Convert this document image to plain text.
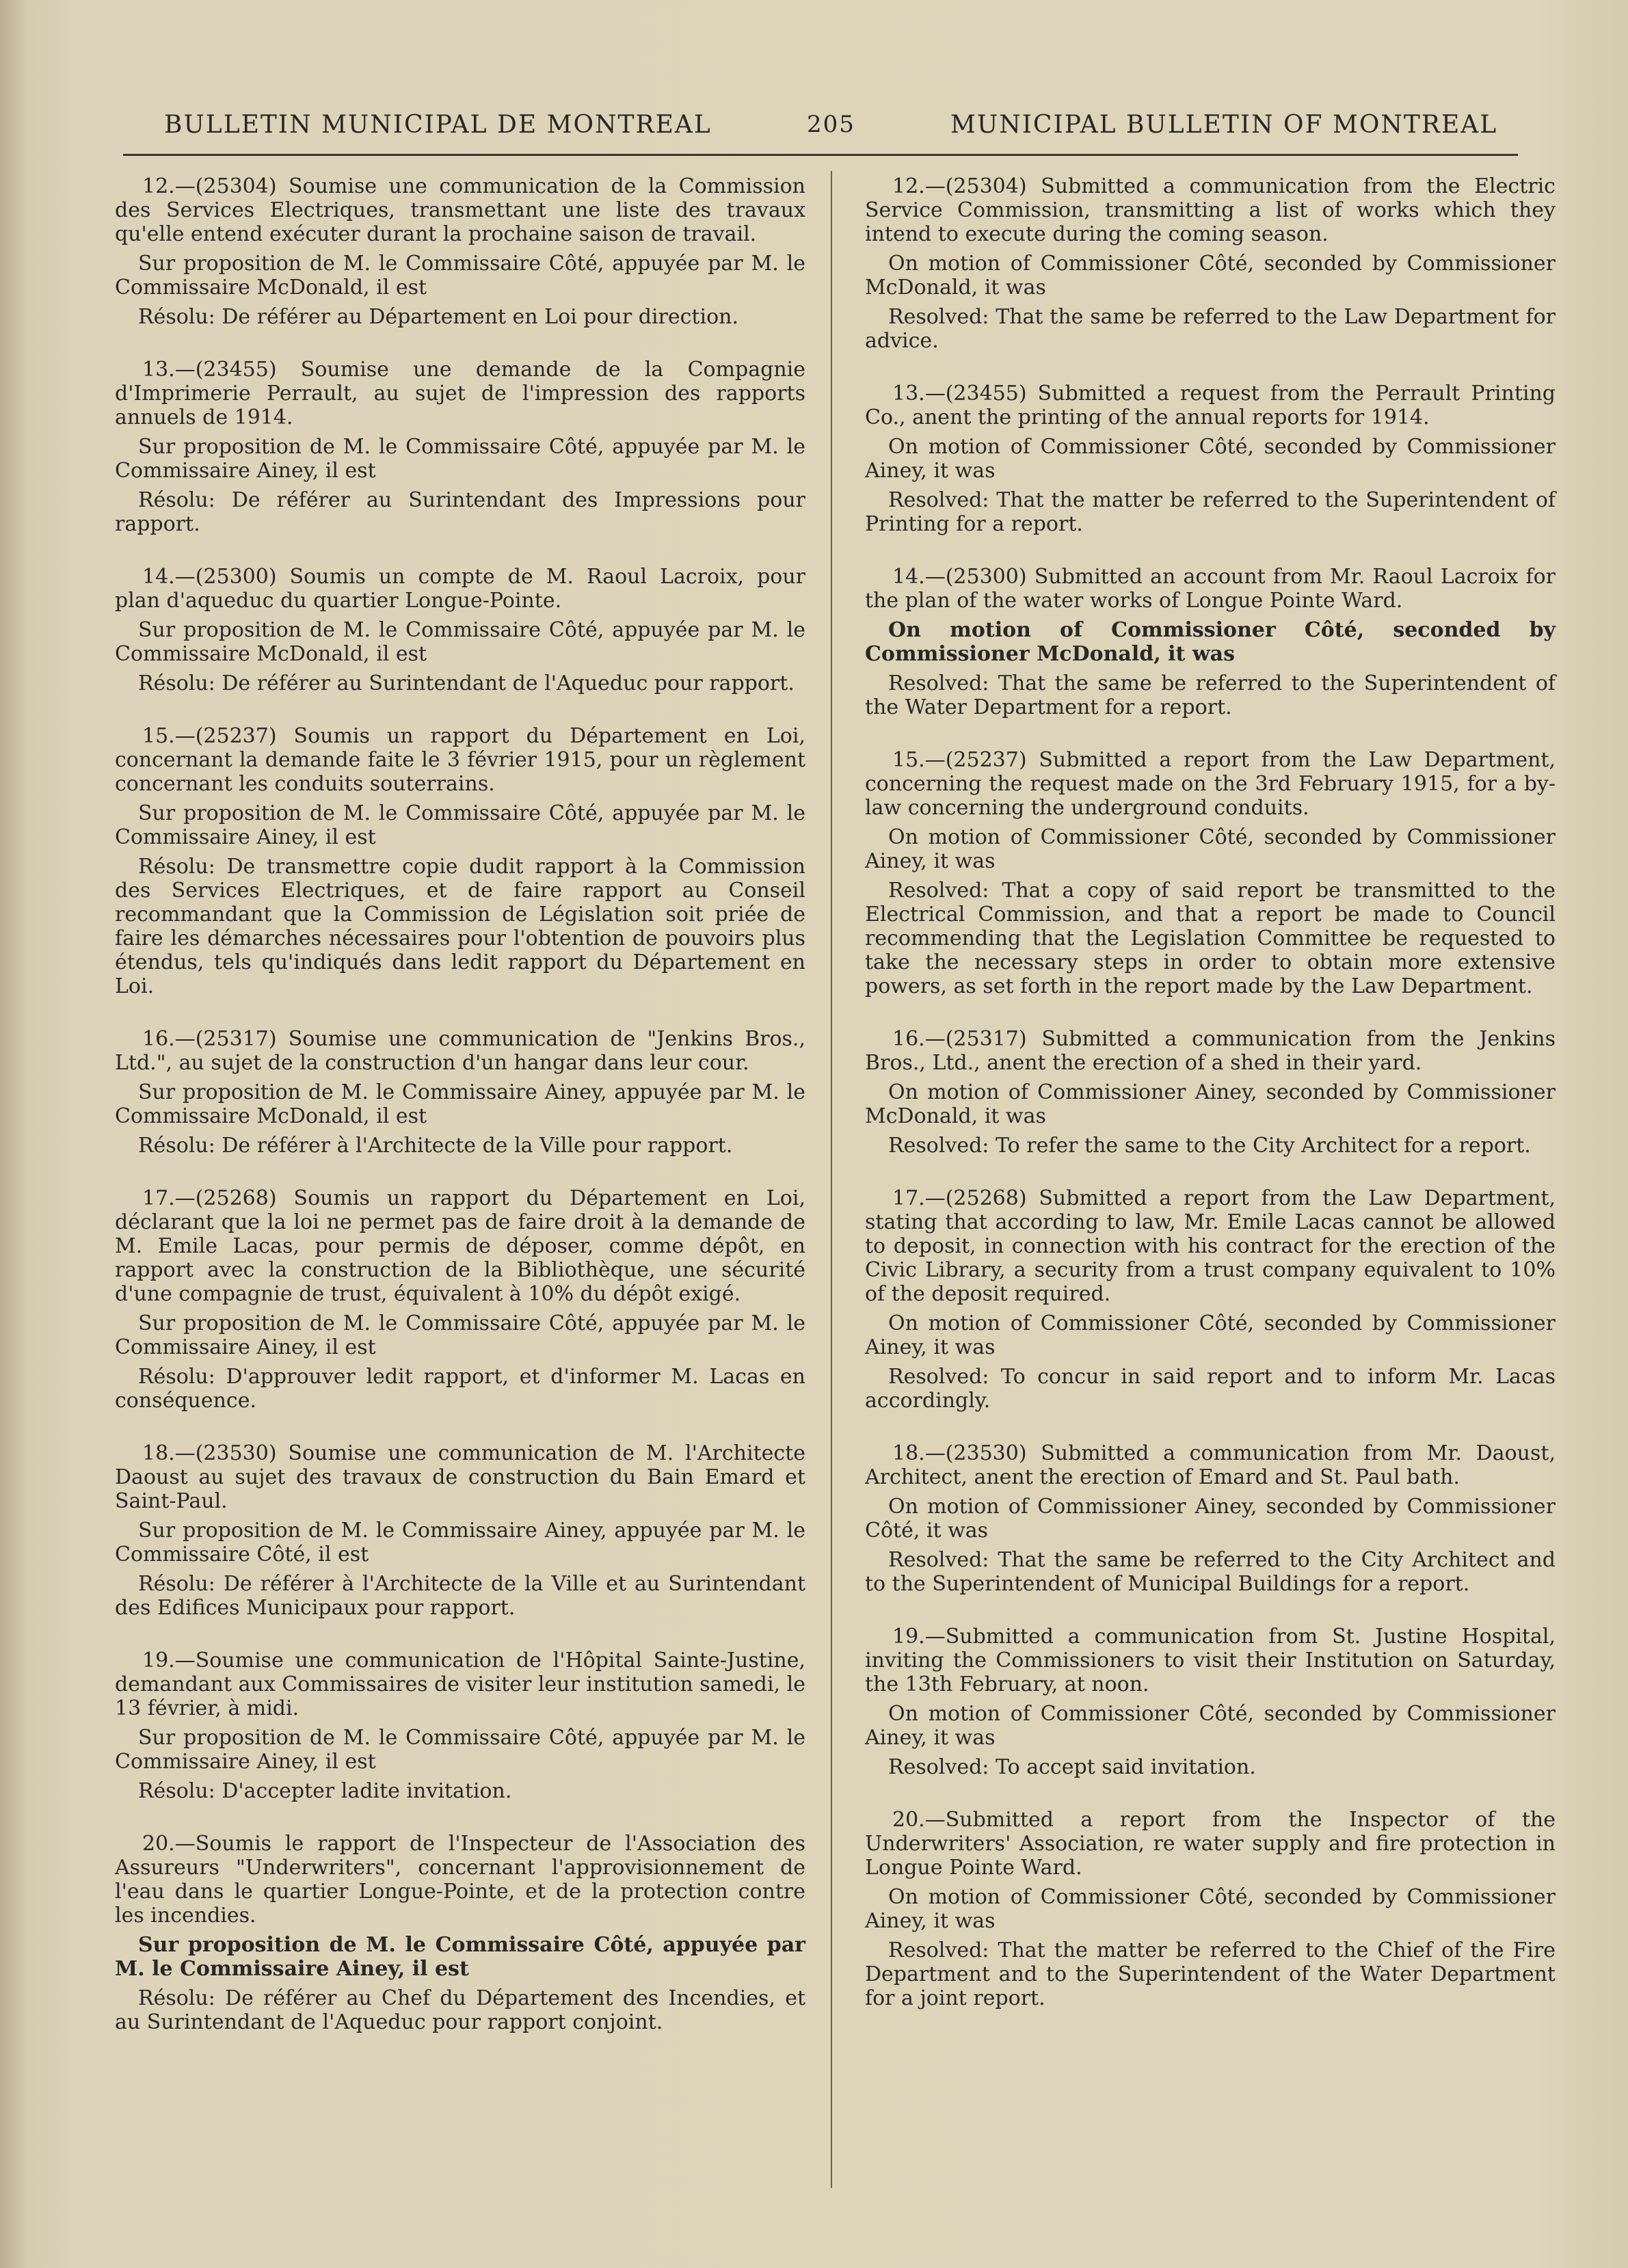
BULLETIN MUNICIPAL DE MONTREAL	205	MUNICIPAL BULLETIN OF MONTREAL

12.—(25304) Soumise une communication de la Commission des Services Electriques, transmettant une liste des travaux qu'elle entend exécuter durant la prochaine saison de travail.

Sur proposition de M. le Commissaire Côté, appuyée par M. le Commissaire McDonald, il est

Résolu: De référer au Département en Loi pour direction.

13.—(23455) Soumise une demande de la Compagnie d'Imprimerie Perrault, au sujet de l'impression des rapports annuels de 1914.

Sur proposition de M. le Commissaire Côté, appuyée par M. le Commissaire Ainey, il est

Résolu: De référer au Surintendant des Impressions pour rapport.

14.—(25300) Soumis un compte de M. Raoul Lacroix, pour plan d'aqueduc du quartier Longue-Pointe.

Sur proposition de M. le Commissaire Côté, appuyée par M. le Commissaire McDonald, il est

Résolu: De référer au Surintendant de l'Aqueduc pour rapport.

15.—(25237) Soumis un rapport du Département en Loi, concernant la demande faite le 3 février 1915, pour un règlement concernant les conduits souterrains.

Sur proposition de M. le Commissaire Côté, appuyée par M. le Commissaire Ainey, il est

Résolu: De transmettre copie dudit rapport à la Commission des Services Electriques, et de faire rapport au Conseil recommandant que la Commission de Législation soit priée de faire les démarches nécessaires pour l'obtention de pouvoirs plus étendus, tels qu'indiqués dans ledit rapport du Département en Loi.

16.—(25317) Soumise une communication de "Jenkins Bros., Ltd.", au sujet de la construction d'un hangar dans leur cour.

Sur proposition de M. le Commissaire Ainey, appuyée par M. le Commissaire McDonald, il est

Résolu: De référer à l'Architecte de la Ville pour rapport.

17.—(25268) Soumis un rapport du Département en Loi, déclarant que la loi ne permet pas de faire droit à la demande de M. Emile Lacas, pour permis de déposer, comme dépôt, en rapport avec la construction de la Bibliothèque, une sécurité d'une compagnie de trust, équivalent à 10% du dépôt exigé.

Sur proposition de M. le Commissaire Côté, appuyée par M. le Commissaire Ainey, il est

Résolu: D'approuver ledit rapport, et d'informer M. Lacas en conséquence.

18.—(23530) Soumise une communication de M. l'Architecte Daoust au sujet des travaux de construction du Bain Emard et Saint-Paul.

Sur proposition de M. le Commissaire Ainey, appuyée par M. le Commissaire Côté, il est

Résolu: De référer à l'Architecte de la Ville et au Surintendant des Edifices Municipaux pour rapport.

19.—Soumise une communication de l'Hôpital Sainte-Justine, demandant aux Commissaires de visiter leur institution samedi, le 13 février, à midi.

Sur proposition de M. le Commissaire Côté, appuyée par M. le Commissaire Ainey, il est

Résolu: D'accepter ladite invitation.

20.—Soumis le rapport de l'Inspecteur de l'Association des Assureurs "Underwriters", concernant l'approvisionnement de l'eau dans le quartier Longue-Pointe, et de la protection contre les incendies.

Sur proposition de M. le Commissaire Côté, appuyée par M. le Commissaire Ainey, il est

Résolu: De référer au Chef du Département des Incendies, et au Surintendant de l'Aqueduc pour rapport conjoint.

12.—(25304) Submitted a communication from the Electric Service Commission, transmitting a list of works which they intend to execute during the coming season.

On motion of Commissioner Côté, seconded by Commissioner McDonald, it was

Resolved: That the same be referred to the Law Department for advice.

13.—(23455) Submitted a request from the Perrault Printing Co., anent the printing of the annual reports for 1914.

On motion of Commissioner Côté, seconded by Commissioner Ainey, it was

Resolved: That the matter be referred to the Superintendent of Printing for a report.

14.—(25300) Submitted an account from Mr. Raoul Lacroix for the plan of the water works of Longue Pointe Ward.

On motion of Commissioner Côté, seconded by Commissioner McDonald, it was

Resolved: That the same be referred to the Superintendent of the Water Department for a report.

15.—(25237) Submitted a report from the Law Department, concerning the request made on the 3rd February 1915, for a by-law concerning the underground conduits.

On motion of Commissioner Côté, seconded by Commissioner Ainey, it was

Resolved: That a copy of said report be transmitted to the Electrical Commission, and that a report be made to Council recommending that the Legislation Committee be requested to take the necessary steps in order to obtain more extensive powers, as set forth in the report made by the Law Department.

16.—(25317) Submitted a communication from the Jenkins Bros., Ltd., anent the erection of a shed in their yard.

On motion of Commissioner Ainey, seconded by Commissioner McDonald, it was

Resolved: To refer the same to the City Architect for a report.

17.—(25268) Submitted a report from the Law Department, stating that according to law, Mr. Emile Lacas cannot be allowed to deposit, in connection with his contract for the erection of the Civic Library, a security from a trust company equivalent to 10% of the deposit required.

On motion of Commissioner Côté, seconded by Commissioner Ainey, it was

Resolved: To concur in said report and to inform Mr. Lacas accordingly.

18.—(23530) Submitted a communication from Mr. Daoust, Architect, anent the erection of Emard and St. Paul bath.

On motion of Commissioner Ainey, seconded by Commissioner Côté, it was

Resolved: That the same be referred to the City Architect and to the Superintendent of Municipal Buildings for a report.

19.—Submitted a communication from St. Justine Hospital, inviting the Commissioners to visit their Institution on Saturday, the 13th February, at noon.

On motion of Commissioner Côté, seconded by Commissioner Ainey, it was

Resolved: To accept said invitation.

20.—Submitted a report from the Inspector of the Underwriters' Association, re water supply and fire protection in Longue Pointe Ward.

On motion of Commissioner Côté, seconded by Commissioner Ainey, it was

Resolved: That the matter be referred to the Chief of the Fire Department and to the Superintendent of the Water Department for a joint report.
